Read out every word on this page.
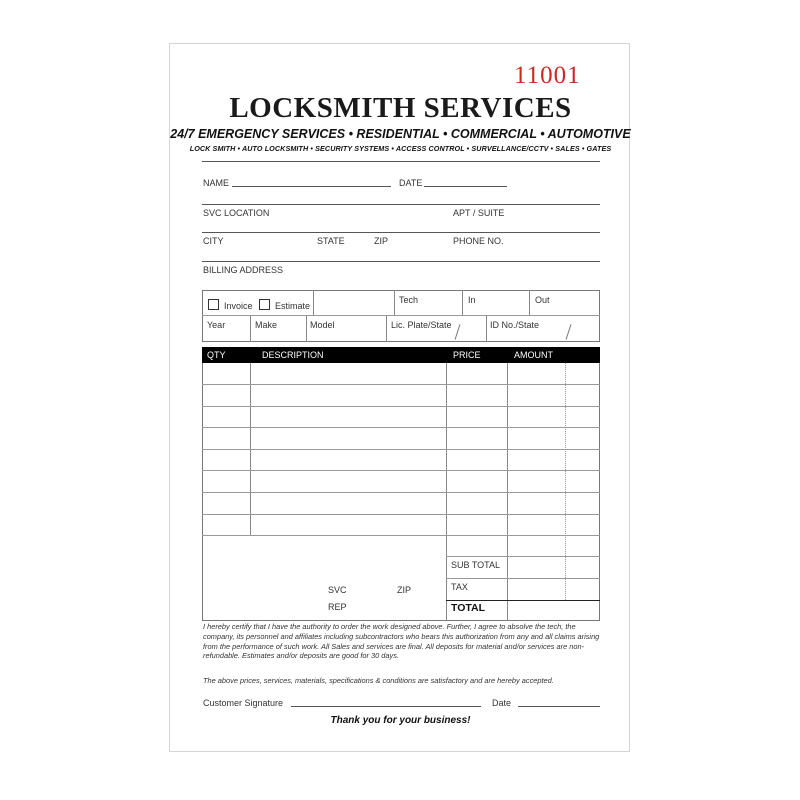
11001
LOCKSMITH SERVICES
24/7 EMERGENCY SERVICES • RESIDENTIAL • COMMERCIAL • AUTOMOTIVE
LOCK SMITH • AUTO LOCKSMITH • SECURITY SYSTEMS • ACCESS CONTROL • SURVELLANCE/CCTV • SALES • GATES
NAME	DATE
SVC LOCATION	APT / SUITE
CITY	STATE	ZIP	PHONE NO.
BILLING ADDRESS
Invoice Estimate
Tech	In	Out
Year	Make	Model	Lic. Plate/State	ID No./State
QTY	DESCRIPTION	PRICE	AMOUNT
SUB TOTAL
TAX
TOTAL
SVC	ZIP
REP
I hereby certify that I have the authority to order the work designed above. Further, I agree to absolve the tech, the company, its personnel and affiliates including subcontractors who bears this authorization from any and all claims arising from the performance of such work. All Sales and services are final. All deposits for material and/or services are non-refundable. Estimates and/or deposits are good for 30 days.
The above prices, services, materials, specifications & conditions are satisfactory and are hereby accepted.
Customer Signature	Date
Thank you for your business!
